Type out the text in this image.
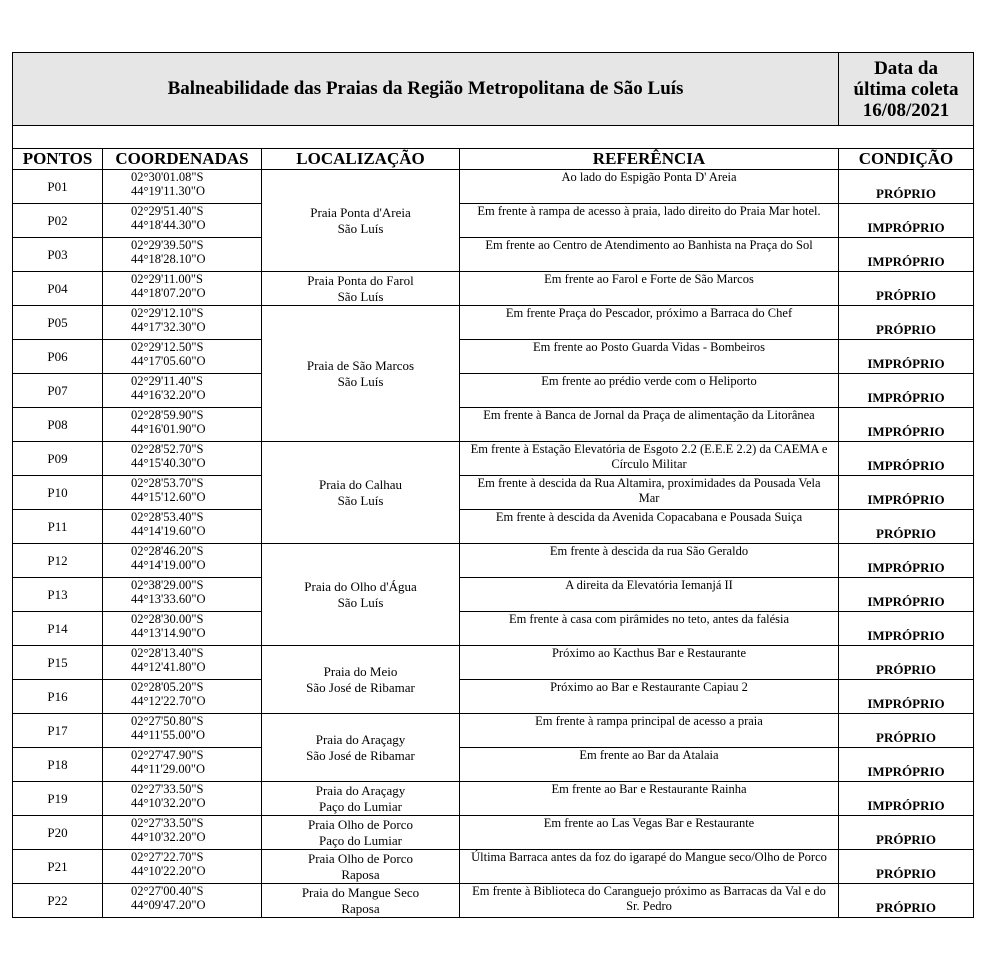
Balneabilidade das Praias da Região Metropolitana de São Luís				Data da
última coleta
16/08/2021

PONTOS	COORDENADAS	LOCALIZAÇÃO	REFERÊNCIA	CONDIÇÃO
P01	02°30'01.08"S
44°19'11.30"O	Praia Ponta d'Areia
São Luís	Ao lado do Espigão Ponta D' Areia	PRÓPRIO
P02	02°29'51.40"S
44°18'44.30"O		Em frente à rampa de acesso à praia, lado direito do Praia Mar hotel.	IMPRÓPRIO
P03	02°29'39.50"S
44°18'28.10"O		Em frente ao Centro de Atendimento ao Banhista na Praça do Sol	IMPRÓPRIO
P04	02°29'11.00"S
44°18'07.20"O	Praia Ponta do Farol
São Luís	Em frente ao Farol e Forte de São Marcos	PRÓPRIO
P05	02°29'12.10"S
44°17'32.30"O	Praia de São Marcos
São Luís	Em frente Praça do Pescador, próximo a Barraca do Chef	PRÓPRIO
P06	02°29'12.50"S
44°17'05.60"O		Em frente ao Posto Guarda Vidas - Bombeiros	IMPRÓPRIO
P07	02°29'11.40"S
44°16'32.20"O		Em frente ao prédio verde com o Heliporto	IMPRÓPRIO
P08	02°28'59.90"S
44°16'01.90"O		Em frente à Banca de Jornal da Praça de alimentação da Litorânea	IMPRÓPRIO
P09	02°28'52.70"S
44°15'40.30"O	Praia do Calhau
São Luís	Em frente à Estação Elevatória de Esgoto 2.2 (E.E.E 2.2) da CAEMA e Círculo Militar	IMPRÓPRIO
P10	02°28'53.70"S
44°15'12.60"O		Em frente à descida da Rua Altamira, proximidades da Pousada Vela Mar	IMPRÓPRIO
P11	02°28'53.40"S
44°14'19.60"O		Em frente à descida da Avenida Copacabana e Pousada Suiça	PRÓPRIO
P12	02°28'46.20"S
44°14'19.00"O	Praia do Olho d'Água
São Luís	Em frente à descida da rua São Geraldo	IMPRÓPRIO
P13	02°38'29.00"S
44°13'33.60"O		A direita da Elevatória Iemanjá II	IMPRÓPRIO
P14	02°28'30.00"S
44°13'14.90"O		Em frente à casa com pirâmides no teto, antes da falésia	IMPRÓPRIO
P15	02°28'13.40"S
44°12'41.80"O	Praia do Meio
São José de Ribamar	Próximo ao Kacthus Bar e Restaurante	PRÓPRIO
P16	02°28'05.20"S
44°12'22.70"O		Próximo ao Bar e Restaurante Capiau 2	IMPRÓPRIO
P17	02°27'50.80"S
44°11'55.00"O	Praia do Araçagy
São José de Ribamar	Em frente à rampa principal de acesso a praia	PRÓPRIO
P18	02°27'47.90"S
44°11'29.00"O		Em frente ao Bar da Atalaia	IMPRÓPRIO
P19	02°27'33.50"S
44°10'32.20"O	Praia do Araçagy
Paço do Lumiar	Em frente ao Bar e Restaurante Rainha	IMPRÓPRIO
P20	02°27'33.50"S
44°10'32.20"O	Praia Olho de Porco
Paço do Lumiar	Em frente ao Las Vegas Bar e Restaurante	PRÓPRIO
P21	02°27'22.70"S
44°10'22.20"O	Praia Olho de Porco
Raposa	Última Barraca antes da foz do igarapé do Mangue seco/Olho de Porco	PRÓPRIO
P22	02°27'00.40"S
44°09'47.20"O	Praia do Mangue Seco
Raposa	Em frente à Biblioteca do Caranguejo próximo as Barracas da Val e do Sr. Pedro	PRÓPRIO
